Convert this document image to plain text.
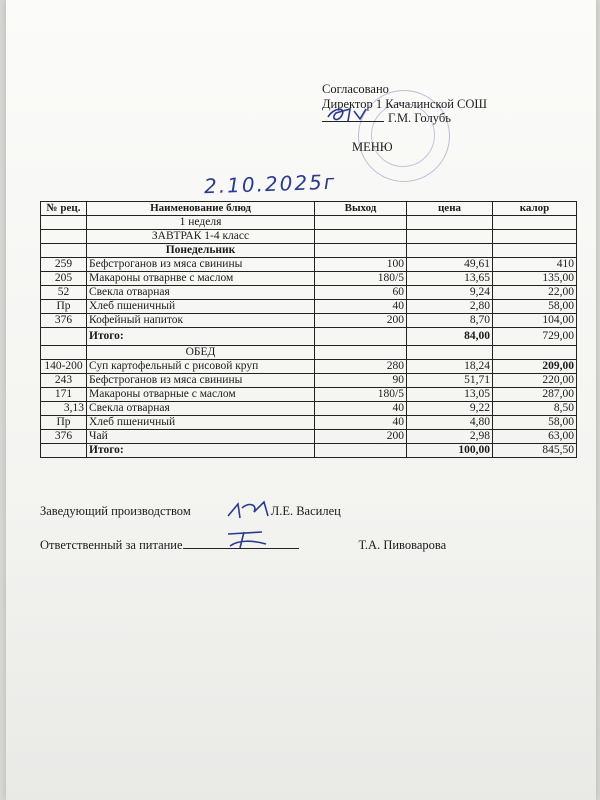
Согласовано
Директор 1 Качалинской СОШ
Г.М. Голубь
МЕНЮ
2.10.2025г
№ рец.	Наименование блюд	Выход	цена	калор
	1 неделя			
	ЗАВТРАК 1-4 класс			
	Понедельник			
259	Бефстроганов из мяса свинины	100	49,61	410
205	Макароны отварнве с маслом	180/5	13,65	135,00
52	Свекла отварная	60	9,24	22,00
Пр	Хлеб пшеничный	40	2,80	58,00
376	Кофейный напиток	200	8,70	104,00
	Итого:		84,00	729,00
	ОБЕД			
140-200	Суп картофельный с рисовой круп	280	18,24	209,00
243	Бефстроганов из мяса свинины	90	51,71	220,00
171	Макароны отварные с маслом	180/5	13,05	287,00
3,13	Свекла отварная	40	9,22	8,50
Пр	Хлеб пшеничный	40	4,80	58,00
376	Чай	200	2,98	63,00
	Итого:		100,00	845,50
Заведующий производством	Л.Е. Василец
Ответственный за питание	Т.А. Пивоварова
